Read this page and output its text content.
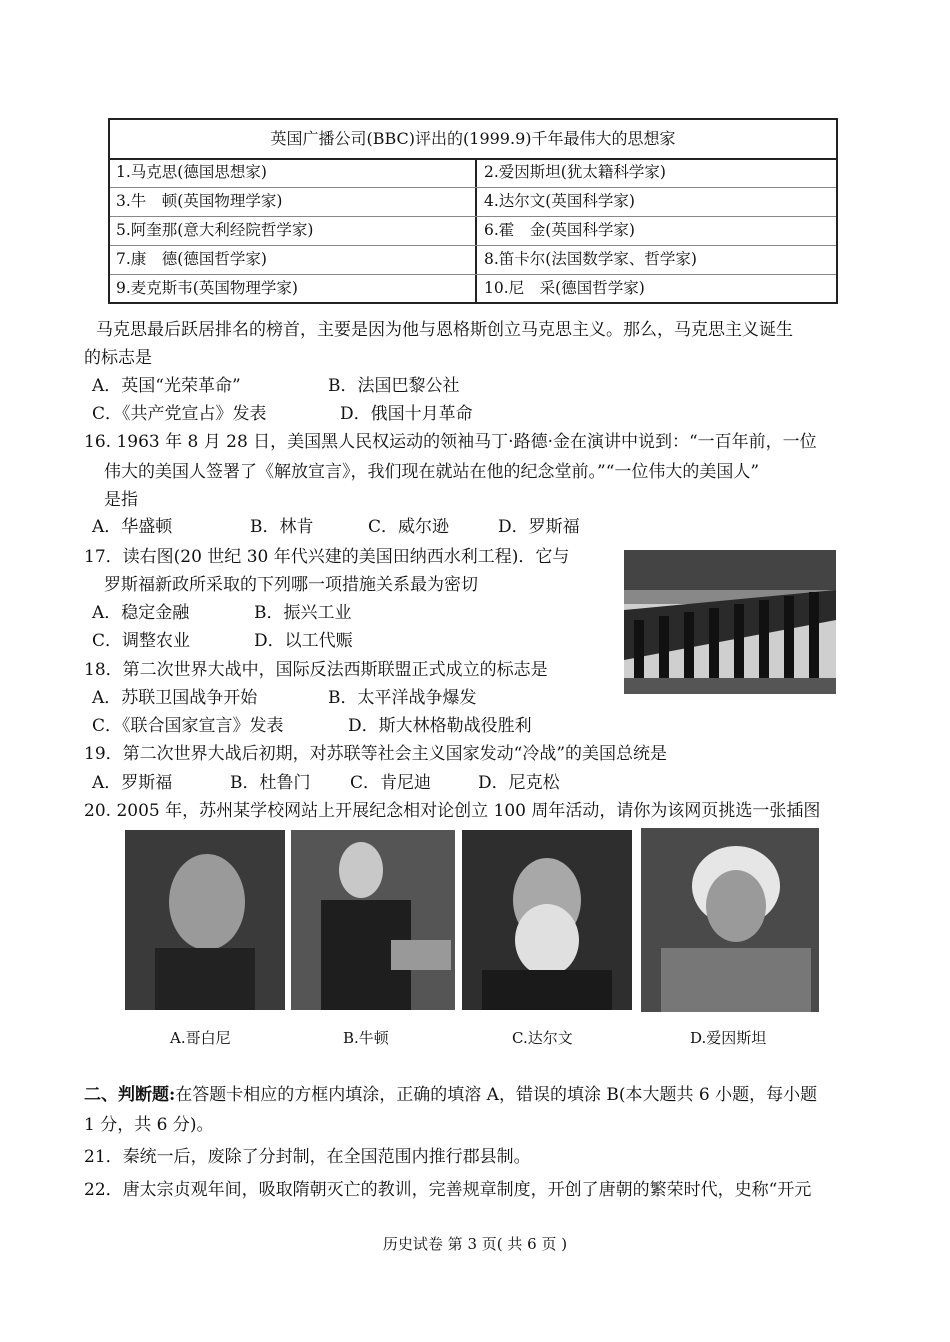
英国广播公司(BBC)评出的(1999.9)千年最伟大的思想家
1.马克思(德国思想家)	2.爱因斯坦(犹太籍科学家)
3.牛　顿(英国物理学家)	4.达尔文(英国科学家)
5.阿奎那(意大利经院哲学家)	6.霍　金(英国科学家)
7.康　德(德国哲学家)	8.笛卡尔(法国数学家、哲学家)
9.麦克斯韦(英国物理学家)	10.尼　采(德国哲学家)
马克思最后跃居排名的榜首，主要是因为他与恩格斯创立马克思主义。那么，马克思主义诞生
的标志是
A．英国“光荣革命”	B．法国巴黎公社
C．《共产党宣占》发表	D．俄国十月革命
16. 1963 年 8 月 28 日，美国黑人民权运动的领袖马丁·路德·金在演讲中说到：“一百年前，一位
伟大的美国人签署了《解放宣言》，我们现在就站在他的纪念堂前。”“一位伟大的美国人”
是指
A．华盛顿	B．林肯	C．威尔逊	D．罗斯福
17．读右图(20 世纪 30 年代兴建的美国田纳西水利工程)．它与
罗斯福新政所采取的下列哪一项措施关系最为密切
A．稳定金融	B．振兴工业
C．调整农业	D．以工代赈
18．第二次世界大战中，国际反法西斯联盟正式成立的标志是
A．苏联卫国战争开始	B．太平洋战争爆发
C．《联合国家宣言》发表	D．斯大林格勒战役胜利
19．第二次世界大战后初期，对苏联等社会主义国家发动“冷战”的美国总统是
A．罗斯福	B．杜鲁门 C．肯尼迪	D．尼克松
20. 2005 年，苏州某学校网站上开展纪念相对论创立 100 周年活动，请你为该网页挑选一张插图
A.哥白尼	B.牛顿	C.达尔文	D.爱因斯坦
二、判断题:在答题卡相应的方框内填涂，正确的填溶 A，错误的填涂 B(本大题共 6 小题，每小题
1 分，共 6 分)。
21．秦统一后，废除了分封制，在全国范围内推行郡县制。
22．唐太宗贞观年间，吸取隋朝灭亡的教训，完善规章制度，开创了唐朝的繁荣时代，史称“开元
历史试卷 第 3 页( 共 6 页 )
